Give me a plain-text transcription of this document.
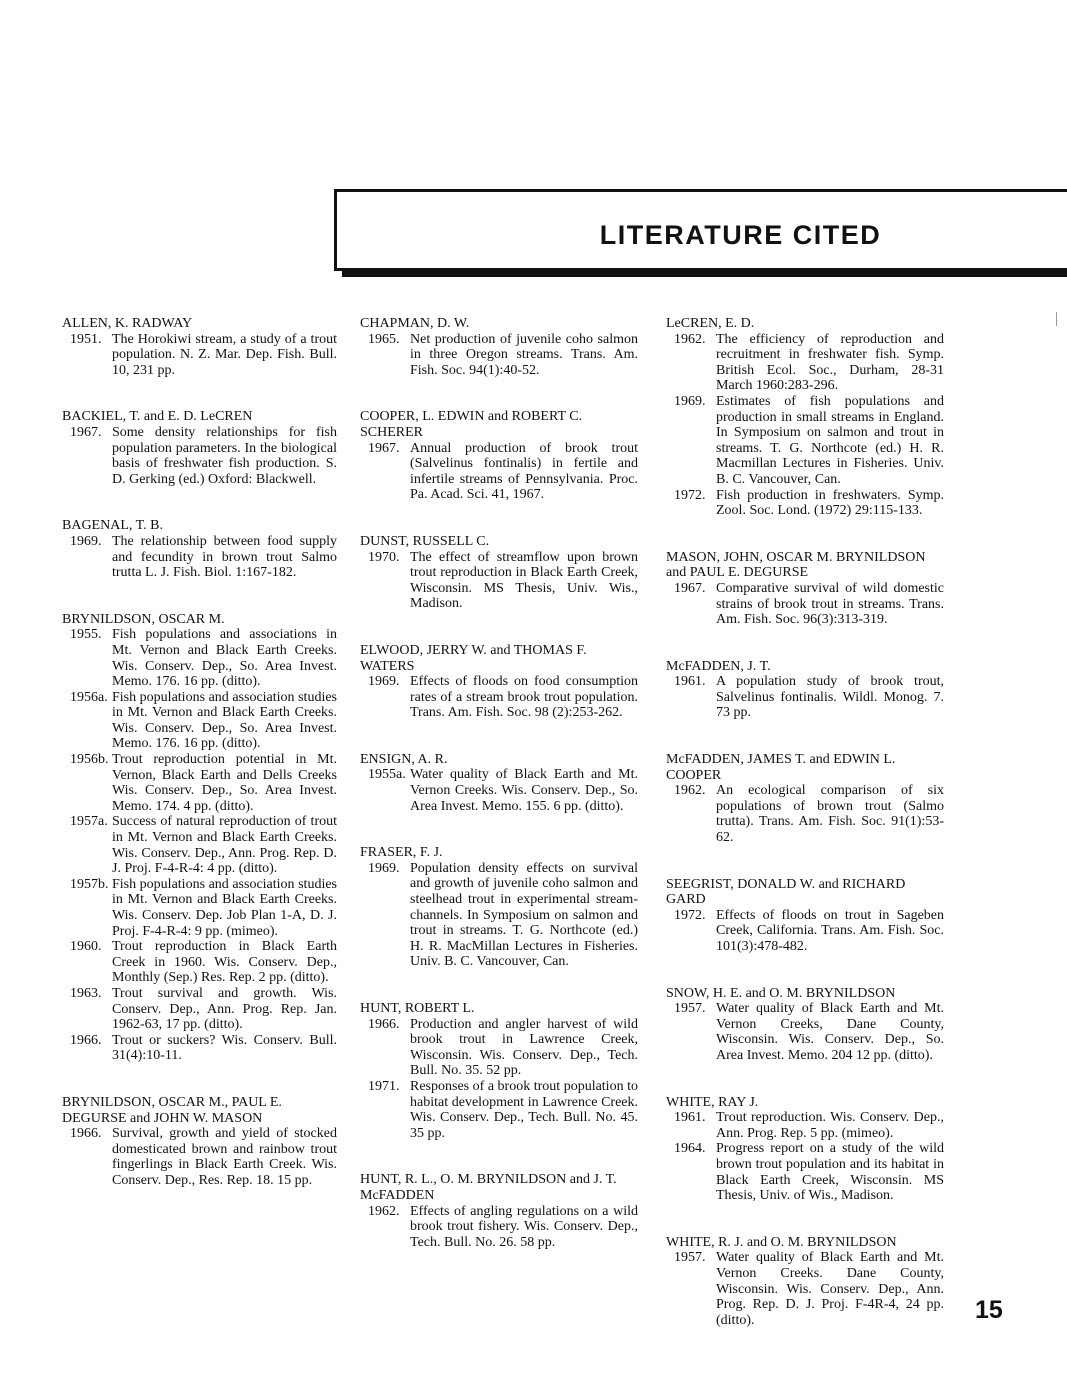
LITERATURE CITED
ALLEN, K. RADWAY
1951. The Horokiwi stream, a study of a trout population. N. Z. Mar. Dep. Fish. Bull. 10, 231 pp.
BACKIEL, T. and E. D. LeCREN
1967. Some density relationships for fish population parameters. In the biological basis of freshwater fish production. S. D. Gerking (ed.) Oxford: Blackwell.
BAGENAL, T. B.
1969. The relationship between food supply and fecundity in brown trout Salmo trutta L. J. Fish. Biol. 1:167-182.
BRYNILDSON, OSCAR M.
1955. Fish populations and associations in Mt. Vernon and Black Earth Creeks. Wis. Conserv. Dep., So. Area Invest. Memo. 176. 16 pp. (ditto).
1956a. Fish populations and association studies in Mt. Vernon and Black Earth Creeks. Wis. Conserv. Dep., So. Area Invest. Memo. 176. 16 pp. (ditto).
1956b. Trout reproduction potential in Mt. Vernon, Black Earth and Dells Creeks Wis. Conserv. Dep., So. Area Invest. Memo. 174. 4 pp. (ditto).
1957a. Success of natural reproduction of trout in Mt. Vernon and Black Earth Creeks. Wis. Conserv. Dep., Ann. Prog. Rep. D. J. Proj. F-4-R-4: 4 pp. (ditto).
1957b. Fish populations and association studies in Mt. Vernon and Black Earth Creeks. Wis. Conserv. Dep. Job Plan 1-A, D. J. Proj. F-4-R-4: 9 pp. (mimeo).
1960. Trout reproduction in Black Earth Creek in 1960. Wis. Conserv. Dep., Monthly (Sep.) Res. Rep. 2 pp. (ditto).
1963. Trout survival and growth. Wis. Conserv. Dep., Ann. Prog. Rep. Jan. 1962-63, 17 pp. (ditto).
1966. Trout or suckers? Wis. Conserv. Bull. 31(4):10-11.
BRYNILDSON, OSCAR M., PAUL E. DEGURSE and JOHN W. MASON
1966. Survival, growth and yield of stocked domesticated brown and rainbow trout fingerlings in Black Earth Creek. Wis. Conserv. Dep., Res. Rep. 18. 15 pp.
CHAPMAN, D. W.
1965. Net production of juvenile coho salmon in three Oregon streams. Trans. Am. Fish. Soc. 94(1):40-52.
COOPER, L. EDWIN and ROBERT C. SCHERER
1967. Annual production of brook trout (Salvelinus fontinalis) in fertile and infertile streams of Pennsylvania. Proc. Pa. Acad. Sci. 41, 1967.
DUNST, RUSSELL C.
1970. The effect of streamflow upon brown trout reproduction in Black Earth Creek, Wisconsin. MS Thesis, Univ. Wis., Madison.
ELWOOD, JERRY W. and THOMAS F. WATERS
1969. Effects of floods on food consumption rates of a stream brook trout population. Trans. Am. Fish. Soc. 98 (2):253-262.
ENSIGN, A. R.
1955a. Water quality of Black Earth and Mt. Vernon Creeks. Wis. Conserv. Dep., So. Area Invest. Memo. 155. 6 pp. (ditto).
FRASER, F. J.
1969. Population density effects on survival and growth of juvenile coho salmon and steelhead trout in experimental stream-channels. In Symposium on salmon and trout in streams. T. G. Northcote (ed.) H. R. MacMillan Lectures in Fisheries. Univ. B. C. Vancouver, Can.
HUNT, ROBERT L.
1966. Production and angler harvest of wild brook trout in Lawrence Creek, Wisconsin. Wis. Conserv. Dep., Tech. Bull. No. 35. 52 pp.
1971. Responses of a brook trout population to habitat development in Lawrence Creek. Wis. Conserv. Dep., Tech. Bull. No. 45. 35 pp.
HUNT, R. L., O. M. BRYNILDSON and J. T. McFADDEN
1962. Effects of angling regulations on a wild brook trout fishery. Wis. Conserv. Dep., Tech. Bull. No. 26. 58 pp.
LeCREN, E. D.
1962. The efficiency of reproduction and recruitment in freshwater fish. Symp. British Ecol. Soc., Durham, 28-31 March 1960:283-296.
1969. Estimates of fish populations and production in small streams in England. In Symposium on salmon and trout in streams. T. G. Northcote (ed.) H. R. Macmillan Lectures in Fisheries. Univ. B. C. Vancouver, Can.
1972. Fish production in freshwaters. Symp. Zool. Soc. Lond. (1972) 29:115-133.
MASON, JOHN, OSCAR M. BRYNILDSON and PAUL E. DEGURSE
1967. Comparative survival of wild domestic strains of brook trout in streams. Trans. Am. Fish. Soc. 96(3):313-319.
McFADDEN, J. T.
1961. A population study of brook trout, Salvelinus fontinalis. Wildl. Monog. 7. 73 pp.
McFADDEN, JAMES T. and EDWIN L. COOPER
1962. An ecological comparison of six populations of brown trout (Salmo trutta). Trans. Am. Fish. Soc. 91(1):53-62.
SEEGRIST, DONALD W. and RICHARD GARD
1972. Effects of floods on trout in Sageben Creek, California. Trans. Am. Fish. Soc. 101(3):478-482.
SNOW, H. E. and O. M. BRYNILDSON
1957. Water quality of Black Earth and Mt. Vernon Creeks, Dane County, Wisconsin. Wis. Conserv. Dep., So. Area Invest. Memo. 204 12 pp. (ditto).
WHITE, RAY J.
1961. Trout reproduction. Wis. Conserv. Dep., Ann. Prog. Rep. 5 pp. (mimeo).
1964. Progress report on a study of the wild brown trout population and its habitat in Black Earth Creek, Wisconsin. MS Thesis, Univ. of Wis., Madison.
WHITE, R. J. and O. M. BRYNILDSON
1957. Water quality of Black Earth and Mt. Vernon Creeks. Dane County, Wisconsin. Wis. Conserv. Dep., Ann. Prog. Rep. D. J. Proj. F-4R-4, 24 pp. (ditto).	15
